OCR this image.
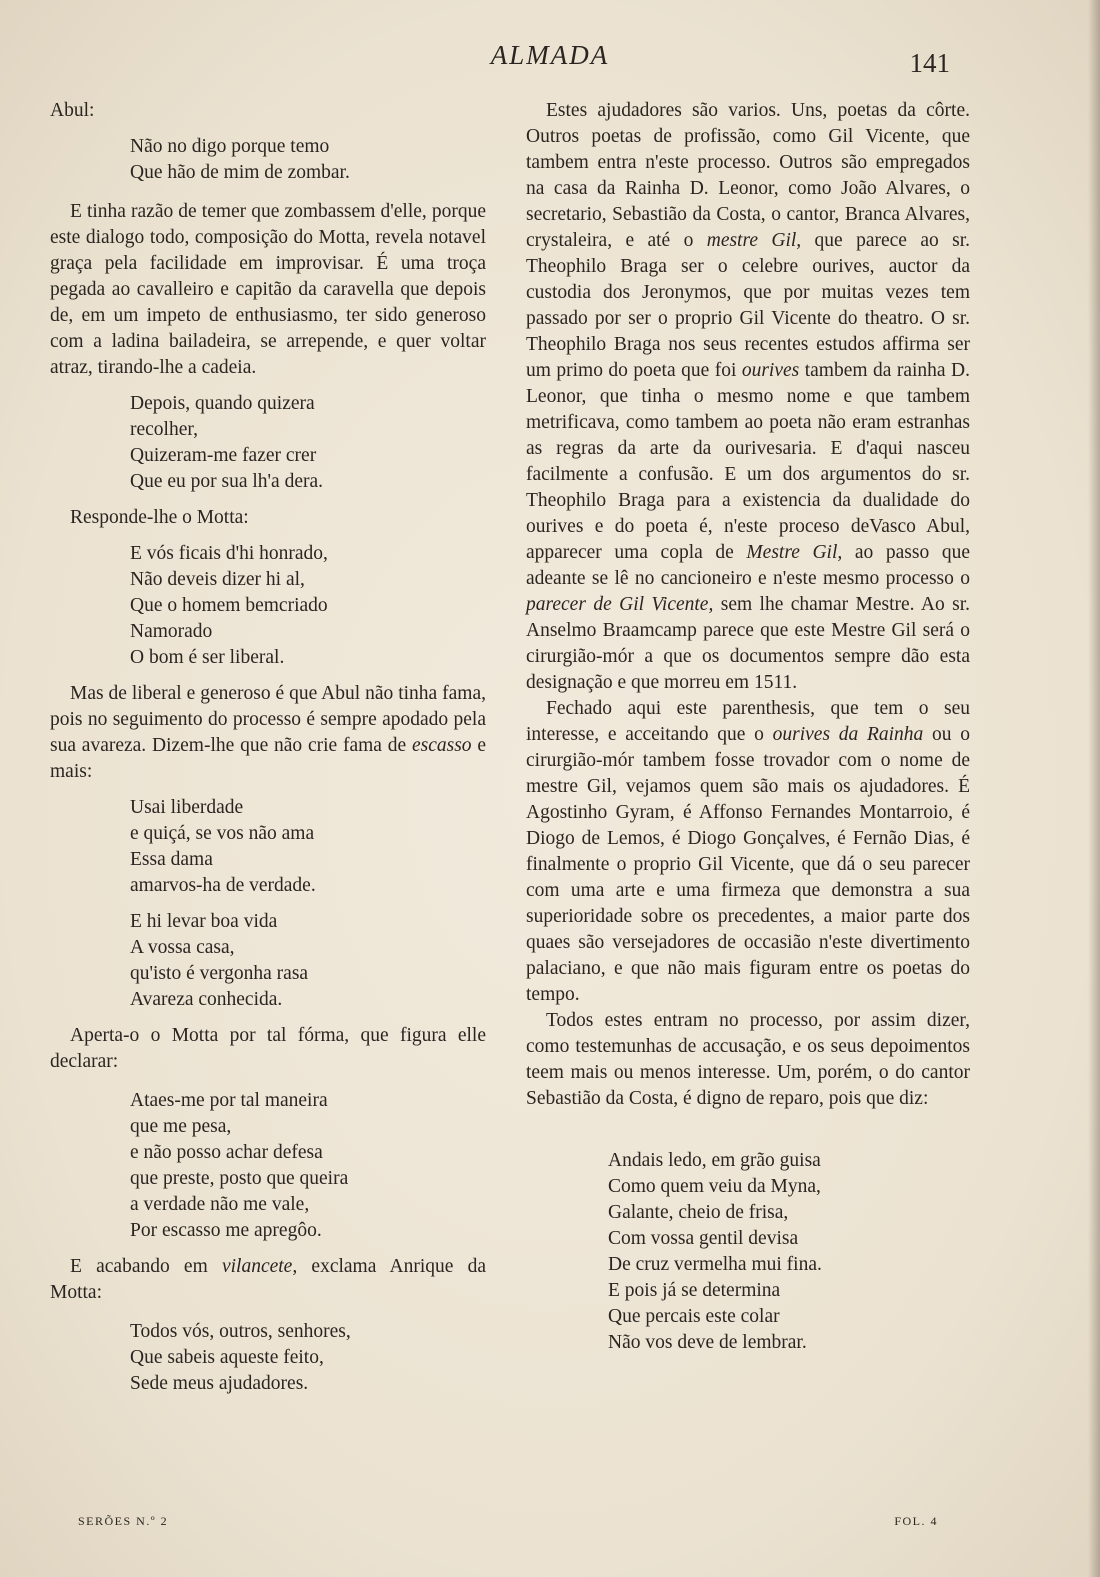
ALMADA	141

Abul:

Não no digo porque temo
Que hão de mim de zombar.

E tinha razão de temer que zombassem d'elle, porque este dialogo todo, composição do Motta, revela notavel graça pela facilidade em improvisar. É uma troça pegada ao cavalleiro e capitão da caravella que depois de, em um impeto de enthusiasmo, ter sido generoso com a ladina bailadeira, se arrepende, e quer voltar atraz, tirando-lhe a cadeia.

Depois, quando quizera
recolher,
Quizeram-me fazer crer
Que eu por sua lh'a dera.

Responde-lhe o Motta:

E vós ficais d'hi honrado,
Não deveis dizer hi al,
Que o homem bemcriado
Namorado
O bom é ser liberal.

Mas de liberal e generoso é que Abul não tinha fama, pois no seguimento do processo é sempre apodado pela sua avareza. Dizem-lhe que não crie fama de escasso e mais:

Usai liberdade
e quiçá, se vos não ama
Essa dama
amarvos-ha de verdade.
E hi levar boa vida
A vossa casa,
qu'isto é vergonha rasa
Avareza conhecida.

Aperta-o o Motta por tal fórma, que figura elle declarar:

Ataes-me por tal maneira
que me pesa,
e não posso achar defesa
que preste, posto que queira
a verdade não me vale,
Por escasso me apregôo.

E acabando em vilancete, exclama Anrique da Motta:

Todos vós, outros, senhores,
Que sabeis aqueste feito,
Sede meus ajudadores.

Estes ajudadores são varios. Uns, poetas da côrte. Outros poetas de profissão, como Gil Vicente, que tambem entra n'este processo. Outros são empregados na casa da Rainha D. Leonor, como João Alvares, o secretario, Sebastião da Costa, o cantor, Branca Alvares, crystaleira, e até o mestre Gil, que parece ao sr. Theophilo Braga ser o celebre ourives, auctor da custodia dos Jeronymos, que por muitas vezes tem passado por ser o proprio Gil Vicente do theatro. O sr. Theophilo Braga nos seus recentes estudos affirma ser um primo do poeta que foi ourives tambem da rainha D. Leonor, que tinha o mesmo nome e que tambem metrificava, como tambem ao poeta não eram estranhas as regras da arte da ourivesaria. E d'aqui nasceu facilmente a confusão. E um dos argumentos do sr. Theophilo Braga para a existencia da dualidade do ourives e do poeta é, n'este proceso deVasco Abul, apparecer uma copla de Mestre Gil, ao passo que adeante se lê no cancioneiro e n'este mesmo processo o parecer de Gil Vicente, sem lhe chamar Mestre. Ao sr. Anselmo Braamcamp parece que este Mestre Gil será o cirurgião-mór a que os documentos sempre dão esta designação e que morreu em 1511.

Fechado aqui este parenthesis, que tem o seu interesse, e acceitando que o ourives da Rainha ou o cirurgião-mór tambem fosse trovador com o nome de mestre Gil, vejamos quem são mais os ajudadores. É Agostinho Gyram, é Affonso Fernandes Montarroio, é Diogo de Lemos, é Diogo Gonçalves, é Fernão Dias, é finalmente o proprio Gil Vicente, que dá o seu parecer com uma arte e uma firmeza que demonstra a sua superioridade sobre os precedentes, a maior parte dos quaes são versejadores de occasião n'este divertimento palaciano, e que não mais figuram entre os poetas do tempo.

Todos estes entram no processo, por assim dizer, como testemunhas de accusação, e os seus depoimentos teem mais ou menos interesse. Um, porém, o do cantor Sebastião da Costa, é digno de reparo, pois que diz:

Andais ledo, em grão guisa
Como quem veiu da Myna,
Galante, cheio de frisa,
Com vossa gentil devisa
De cruz vermelha mui fina.
E pois já se determina
Que percais este colar
Não vos deve de lembrar.
SERÕES N.º 2	FOL. 4
